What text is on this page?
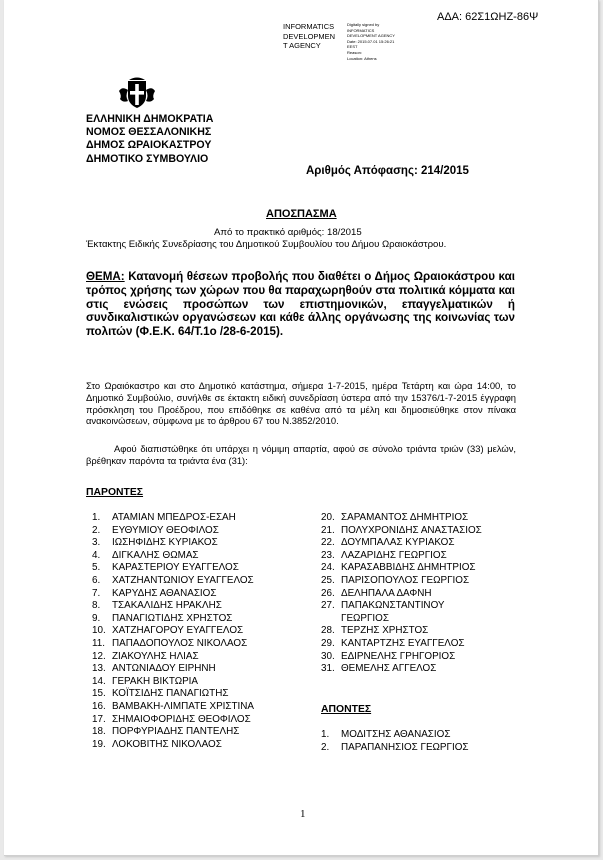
INFORMATICS
DEVELOPMEN
T AGENCY
Digitally signed by
INFORMATICS
DEVELOPMENT AGENCY
Date: 2015.07.01 15:26:21
EEST
Reason:
Location: Athens
ΑΔΑ: 62Σ1ΩΗΖ-86Ψ
ΕΛΛΗΝΙΚΗ ΔΗΜΟΚΡΑΤΙΑ
ΝΟΜΟΣ ΘΕΣΣΑΛΟΝΙΚΗΣ
ΔΗΜΟΣ ΩΡΑΙΟΚΑΣΤΡΟΥ
ΔΗΜΟΤΙΚΟ ΣΥΜΒΟΥΛΙΟ
Αριθμός Απόφασης: 214/2015
ΑΠΟΣΠΑΣΜΑ
Από το πρακτικό αριθμός: 18/2015
Έκτακτης Ειδικής Συνεδρίασης του Δημοτικού Συμβουλίου του Δήμου Ωραιοκάστρου.
ΘΕΜΑ: Κατανομή θέσεων προβολής που διαθέτει ο Δήμος Ωραιοκάστρου και τρόπος χρήσης των χώρων που θα παραχωρηθούν στα πολιτικά κόμματα και στις ενώσεις προσώπων των επιστημονικών, επαγγελματικών ή συνδικαλιστικών οργανώσεων και κάθε άλλης οργάνωσης της κοινωνίας των πολιτών (Φ.Ε.Κ. 64/Τ.1ο /28-6-2015).
Στο Ωραιόκαστρο και στο Δημοτικό κατάστημα, σήμερα 1-7-2015, ημέρα Τετάρτη και ώρα 14:00, το Δημοτικό Συμβούλιο, συνήλθε σε έκτακτη ειδική συνεδρίαση ύστερα από την 15376/1-7-2015 έγγραφη πρόσκληση του Προέδρου, που επιδόθηκε σε καθένα από τα μέλη και δημοσιεύθηκε στον πίνακα ανακοινώσεων, σύμφωνα με το άρθρου 67 του Ν.3852/2010.
Αφού διαπιστώθηκε ότι υπάρχει η νόμιμη απαρτία, αφού σε σύνολο τριάντα τριών (33) μελών, βρέθηκαν παρόντα τα τριάντα ένα (31):
ΠΑΡΟΝΤΕΣ
1. ΑΤΑΜΙΑΝ ΜΠΕΔΡΟΣ-ΕΣΑΗ
2. ΕΥΘΥΜΙΟΥ ΘΕΟΦΙΛΟΣ
3. ΙΩΣΗΦΙΔΗΣ ΚΥΡΙΑΚΟΣ
4. ΔΙΓΚΑΛΗΣ ΘΩΜΑΣ
5. ΚΑΡΑΣΤΕΡΙΟΥ ΕΥΑΓΓΕΛΟΣ
6. ΧΑΤΖΗΑΝΤΩΝΙΟΥ ΕΥΑΓΓΕΛΟΣ
7. ΚΑΡΥΔΗΣ ΑΘΑΝΑΣΙΟΣ
8. ΤΣΑΚΑΛΙΔΗΣ ΗΡΑΚΛΗΣ
9. ΠΑΝΑΓΙΩΤΙΔΗΣ ΧΡΗΣΤΟΣ
10. ΧΑΤΖΗΑΓΟΡΟΥ ΕΥΑΓΓΕΛΟΣ
11. ΠΑΠΑΔΟΠΟΥΛΟΣ ΝΙΚΟΛΑΟΣ
12. ΖΙΑΚΟΥΛΗΣ ΗΛΙΑΣ
13. ΑΝΤΩΝΙΑΔΟΥ ΕΙΡΗΝΗ
14. ΓΕΡΑΚΗ ΒΙΚΤΩΡΙΑ
15. ΚΟΪΤΣΙΔΗΣ ΠΑΝΑΓΙΩΤΗΣ
16. ΒΑΜΒΑΚΗ-ΛΙΜΠΑΤΕ ΧΡΙΣΤΙΝΑ
17. ΣΗΜΑΙΟΦΟΡΙΔΗΣ ΘΕΟΦΙΛΟΣ
18. ΠΟΡΦΥΡΙΑΔΗΣ ΠΑΝΤΕΛΗΣ
19. ΛΟΚΟΒΙΤΗΣ ΝΙΚΟΛΑΟΣ
20. ΣΑΡΑΜΑΝΤΟΣ ΔΗΜΗΤΡΙΟΣ
21. ΠΟΛΥΧΡΟΝΙΔΗΣ ΑΝΑΣΤΑΣΙΟΣ
22. ΔΟΥΜΠΑΛΑΣ ΚΥΡΙΑΚΟΣ
23. ΛΑΖΑΡΙΔΗΣ ΓΕΩΡΓΙΟΣ
24. ΚΑΡΑΣΑΒΒΙΔΗΣ ΔΗΜΗΤΡΙΟΣ
25. ΠΑΡΙΣΟΠΟΥΛΟΣ ΓΕΩΡΓΙΟΣ
26. ΔΕΛΗΠΑΛΑ ΔΑΦΝΗ
27. ΠΑΠΑΚΩΝΣΤΑΝΤΙΝΟΥ
ΓΕΩΡΓΙΟΣ
28. ΤΕΡΖΗΣ ΧΡΗΣΤΟΣ
29. ΚΑΝΤΑΡΤΖΗΣ ΕΥΑΓΓΕΛΟΣ
30. ΕΔΙΡΝΕΛΗΣ ΓΡΗΓΟΡΙΟΣ
31. ΘΕΜΕΛΗΣ ΑΓΓΕΛΟΣ
ΑΠΟΝΤΕΣ
1. ΜΟΔΙΤΣΗΣ ΑΘΑΝΑΣΙΟΣ
2. ΠΑΡΑΠΑΝΗΣΙΟΣ ΓΕΩΡΓΙΟΣ
1
